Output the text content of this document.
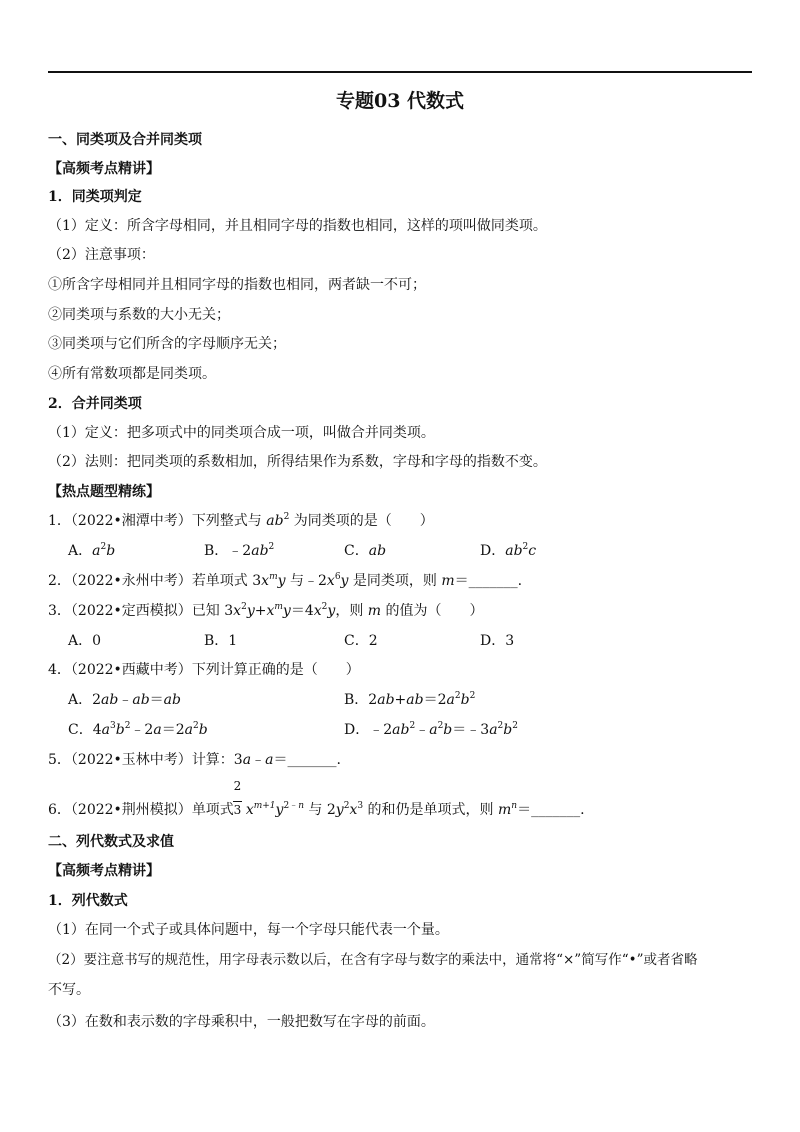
专题03 代数式
一、同类项及合并同类项
【高频考点精讲】
1．同类项判定
（1）定义：所含字母相同，并且相同字母的指数也相同，这样的项叫做同类项。
（2）注意事项：
①所含字母相同并且相同字母的指数也相同，两者缺一不可；
②同类项与系数的大小无关；
③同类项与它们所含的字母顺序无关；
④所有常数项都是同类项。
2．合并同类项
（1）定义：把多项式中的同类项合成一项，叫做合并同类项。
（2）法则：把同类项的系数相加，所得结果作为系数，字母和字母的指数不变。
【热点题型精练】
1．（2022•湘潭中考）下列整式与 $ab^2$ 为同类项的是（　　）
A．$a^2b$	B．$﹣2ab^2$	C．ab	D．$ab^2c$
2．（2022•永州中考）若单项式 $3x^my$ 与$﹣2x^6y$ 是同类项，则 m＝_______.
3．（2022•定西模拟）已知 $3x^2y+x^my=4x^2y$，则 m 的值为（　　）
A．0	B．1	C．2	D．3
4．（2022•西藏中考）下列计算正确的是（　　）
A．2ab﹣ab＝ab	B．$2ab+ab=2a^2b^2$
C．$4a^3b^2﹣2a=2a^2b$	D．$﹣2ab^2﹣a^2b=﹣3a^2b^2$
5．（2022•玉林中考）计算：3a﹣a＝_______.
2
3
6．（2022•荆州模拟）单项式 $x^{m+1}y^{2﹣n}$ 与 $2y^2x^3$ 的和仍是单项式，则 $m^n=\_\_\_\_\_\_\_$.
二、列代数式及求值
【高频考点精讲】
1．列代数式
（1）在同一个式子或具体问题中，每一个字母只能代表一个量。
（2）要注意书写的规范性，用字母表示数以后，在含有字母与数字的乘法中，通常将“×”简写作“•”或者省略
不写。
（3）在数和表示数的字母乘积中，一般把数写在字母的前面。
